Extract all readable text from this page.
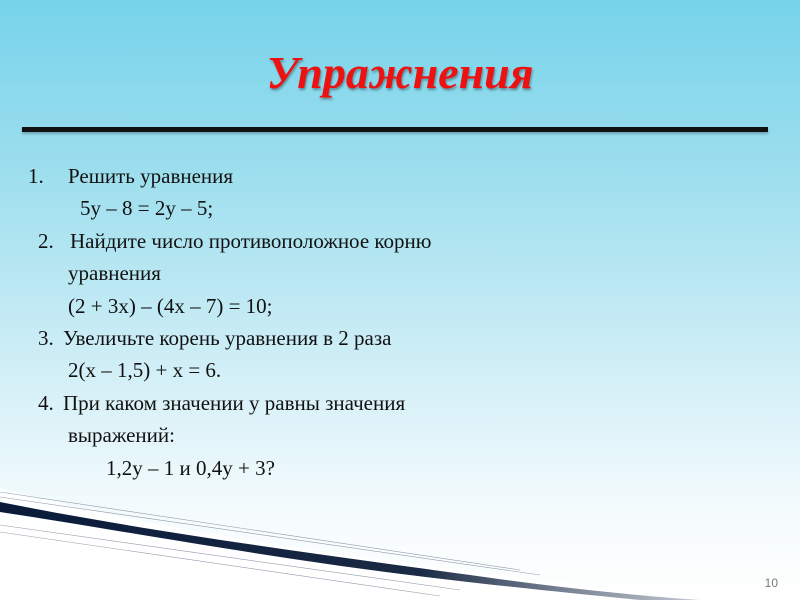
Упражнения
1. Решить уравнения
5у – 8 = 2у – 5;
2. Найдите число противоположное корню
уравнения
(2 + 3x) – (4x – 7) = 10;
3. Увеличьте корень уравнения в 2 раза
2(x – 1,5) + x = 6.
4. При каком значении у равны значения
выражений:
1,2у – 1 и 0,4у + 3?
10
